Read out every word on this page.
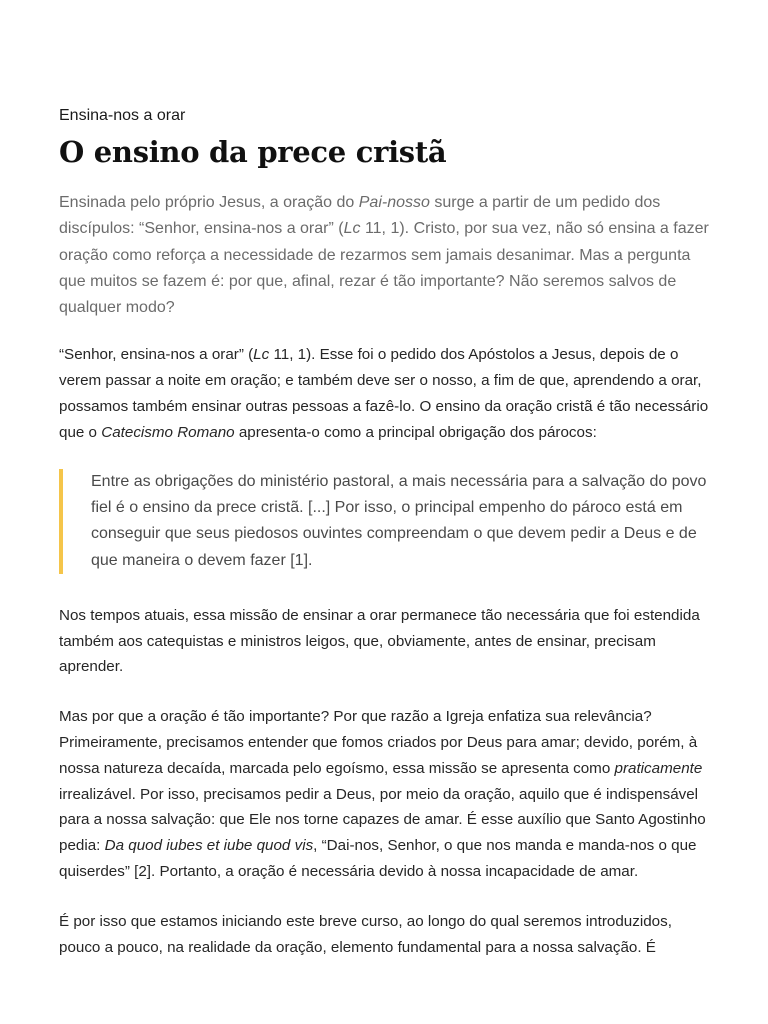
Ensina-nos a orar

O ensino da prece cristã

Ensinada pelo próprio Jesus, a oração do Pai-nosso surge a partir de um pedido dos discípulos: “Senhor, ensina-nos a orar” (Lc 11, 1). Cristo, por sua vez, não só ensina a fazer oração como reforça a necessidade de rezarmos sem jamais desanimar. Mas a pergunta que muitos se fazem é: por que, afinal, rezar é tão importante? Não seremos salvos de qualquer modo?

“Senhor, ensina-nos a orar” (Lc 11, 1). Esse foi o pedido dos Apóstolos a Jesus, depois de o verem passar a noite em oração; e também deve ser o nosso, a fim de que, aprendendo a orar, possamos também ensinar outras pessoas a fazê-lo. O ensino da oração cristã é tão necessário que o Catecismo Romano apresenta-o como a principal obrigação dos párocos:

Entre as obrigações do ministério pastoral, a mais necessária para a salvação do povo fiel é o ensino da prece cristã. [...] Por isso, o principal empenho do pároco está em conseguir que seus piedosos ouvintes compreendam o que devem pedir a Deus e de que maneira o devem fazer [1].

Nos tempos atuais, essa missão de ensinar a orar permanece tão necessária que foi estendida também aos catequistas e ministros leigos, que, obviamente, antes de ensinar, precisam aprender.

Mas por que a oração é tão importante? Por que razão a Igreja enfatiza sua relevância? Primeiramente, precisamos entender que fomos criados por Deus para amar; devido, porém, à nossa natureza decaída, marcada pelo egoísmo, essa missão se apresenta como praticamente irrealizável. Por isso, precisamos pedir a Deus, por meio da oração, aquilo que é indispensável para a nossa salvação: que Ele nos torne capazes de amar. É esse auxílio que Santo Agostinho pedia: Da quod iubes et iube quod vis, “Dai-nos, Senhor, o que nos manda e manda-nos o que quiserdes” [2]. Portanto, a oração é necessária devido à nossa incapacidade de amar.

É por isso que estamos iniciando este breve curso, ao longo do qual seremos introduzidos, pouco a pouco, na realidade da oração, elemento fundamental para a nossa salvação. É
